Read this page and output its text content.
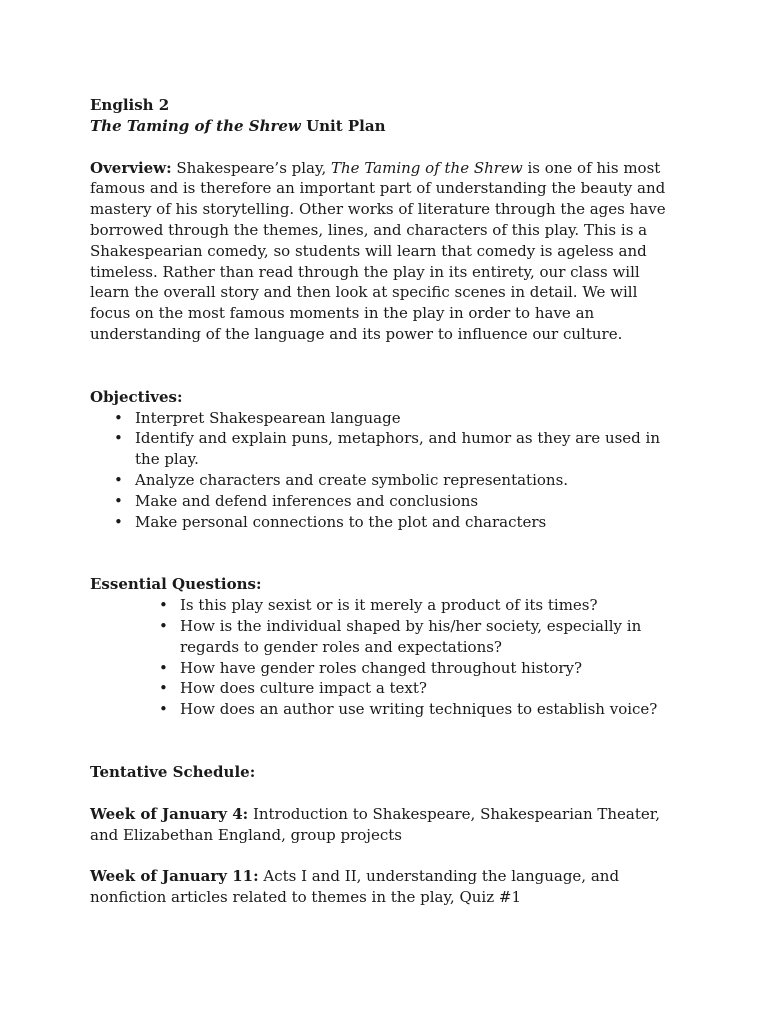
English 2
The Taming of the Shrew Unit Plan

Overview: Shakespeare’s play, The Taming of the Shrew is one of his most famous and is therefore an important part of understanding the beauty and mastery of his storytelling. Other works of literature through the ages have borrowed through the themes, lines, and characters of this play. This is a Shakespearian comedy, so students will learn that comedy is ageless and timeless. Rather than read through the play in its entirety, our class will learn the overall story and then look at specific scenes in detail. We will focus on the most famous moments in the play in order to have an understanding of the language and its power to influence our culture.

Objectives:
• Interpret Shakespearean language
• Identify and explain puns, metaphors, and humor as they are used in the play.
• Analyze characters and create symbolic representations.
• Make and defend inferences and conclusions
• Make personal connections to the plot and characters
Essential Questions:
• Is this play sexist or is it merely a product of its times?
• How is the individual shaped by his/her society, especially in regards to gender roles and expectations?
• How have gender roles changed throughout history?
• How does culture impact a text?
• How does an author use writing techniques to establish voice?
Tentative Schedule:

Week of January 4: Introduction to Shakespeare, Shakespearian Theater, and Elizabethan England, group projects

Week of January 11: Acts I and II, understanding the language, and nonfiction articles related to themes in the play, Quiz #1
